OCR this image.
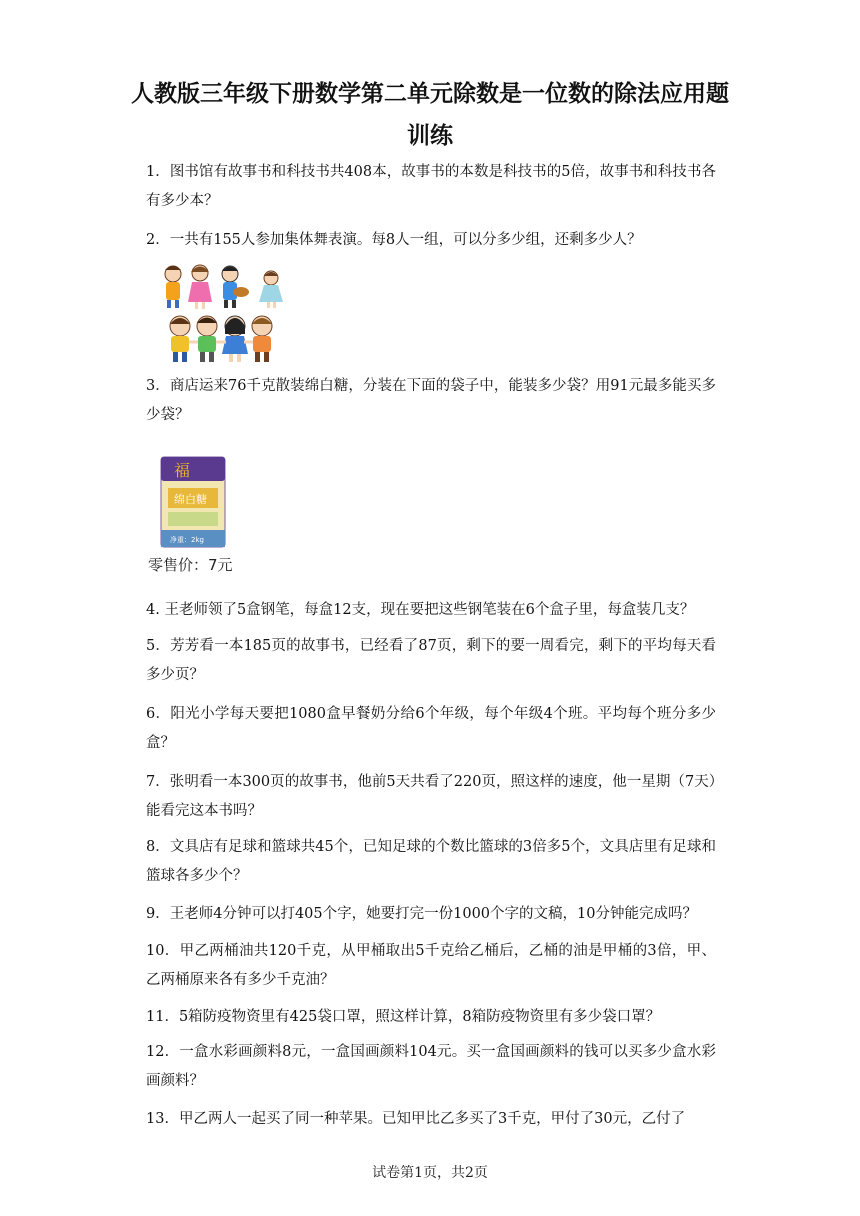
人教版三年级下册数学第二单元除数是一位数的除法应用题
训练
1．图书馆有故事书和科技书共408本，故事书的本数是科技书的5倍，故事书和科技书各有多少本？
2．一共有155人参加集体舞表演。每8人一组，可以分多少组，还剩多少人？
3．商店运来76千克散装绵白糖，分装在下面的袋子中，能装多少袋？用91元最多能买多少袋？
福
绵白糖
净重：2kg
零售价：7元
4. 王老师领了5盒钢笔，每盒12支，现在要把这些钢笔装在6个盒子里，每盒装几支？
5．芳芳看一本185页的故事书，已经看了87页，剩下的要一周看完，剩下的平均每天看多少页？
6．阳光小学每天要把1080盒早餐奶分给6个年级，每个年级4个班。平均每个班分多少盒？
7．张明看一本300页的故事书，他前5天共看了220页，照这样的速度，他一星期（7天）能看完这本书吗？
8．文具店有足球和篮球共45个，已知足球的个数比篮球的3倍多5个，文具店里有足球和篮球各多少个？
9．王老师4分钟可以打405个字，她要打完一份1000个字的文稿，10分钟能完成吗？
10．甲乙两桶油共120千克，从甲桶取出5千克给乙桶后，乙桶的油是甲桶的3倍，甲、乙两桶原来各有多少千克油？
11．5箱防疫物资里有425袋口罩，照这样计算，8箱防疫物资里有多少袋口罩？
12．一盒水彩画颜料8元，一盒国画颜料104元。买一盒国画颜料的钱可以买多少盒水彩画颜料？
13．甲乙两人一起买了同一种苹果。已知甲比乙多买了3千克，甲付了30元，乙付了
试卷第1页，共2页
